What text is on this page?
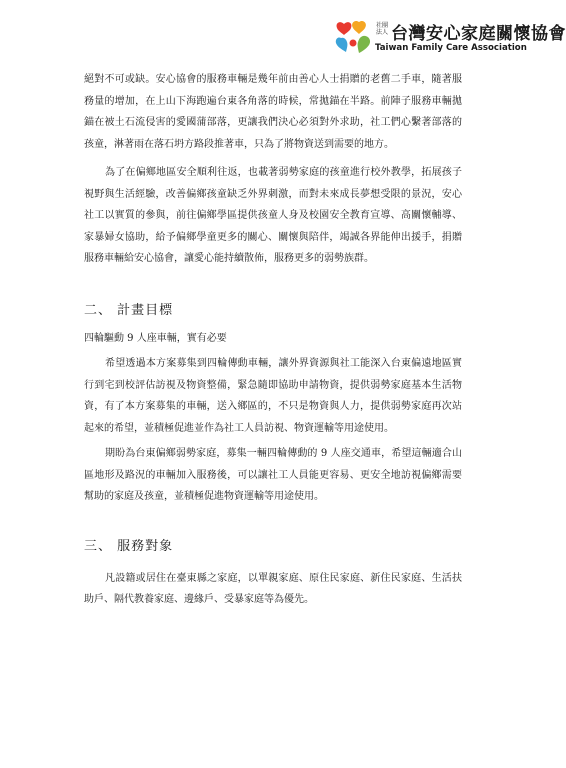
社團法人 台灣安心家庭關懷協會
Taiwan Family Care Association

絕對不可或缺。安心協會的服務車輛是幾年前由善心人士捐贈的老舊二手車，隨著服務量的增加，在上山下海跑遍台東各角落的時候，常拋錨在半路。前陣子服務車輛拋錨在被土石流侵害的愛國蒲部落，更讓我們決心必須對外求助，社工們心繫著部落的孩童，淋著雨在落石坍方路段推著車，只為了將物資送到需要的地方。

為了在偏鄉地區安全順利往返，也載著弱勢家庭的孩童進行校外教學，拓展孩子視野與生活經驗，改善偏鄉孩童缺乏外界刺激，而對未來成長夢想受限的景況，安心社工以實質的參與，前往偏鄉學區提供孩童人身及校園安全教育宣導、高關懷輔導、家暴婦女協助，給予偏鄉學童更多的關心、關懷與陪伴，竭誠各界能伸出援手，捐贈服務車輛給安心協會，讓愛心能持續散佈，服務更多的弱勢族群。

二、 計畫目標

四輪驅動 9 人座車輛，實有必要

希望透過本方案募集到四輪傳動車輛，讓外界資源與社工能深入台東偏遠地區實行到宅到校評估訪視及物資整備，緊急隨即協助申請物資，提供弱勢家庭基本生活物資，有了本方案募集的車輛，送入鄉區的，不只是物資與人力，提供弱勢家庭再次站起來的希望，並積極促進並作為社工人員訪視、物資運輸等用途使用。

期盼為台東偏鄉弱勢家庭，募集一輛四輪傳動的 9 人座交通車，希望這輛適合山區地形及路況的車輛加入服務後，可以讓社工人員能更容易、更安全地訪視偏鄉需要幫助的家庭及孩童，並積極促進物資運輸等用途使用。

三、 服務對象

凡設籍或居住在臺東縣之家庭，以單親家庭、原住民家庭、新住民家庭、生活扶助戶、隔代教養家庭、邊緣戶、受暴家庭等為優先。
